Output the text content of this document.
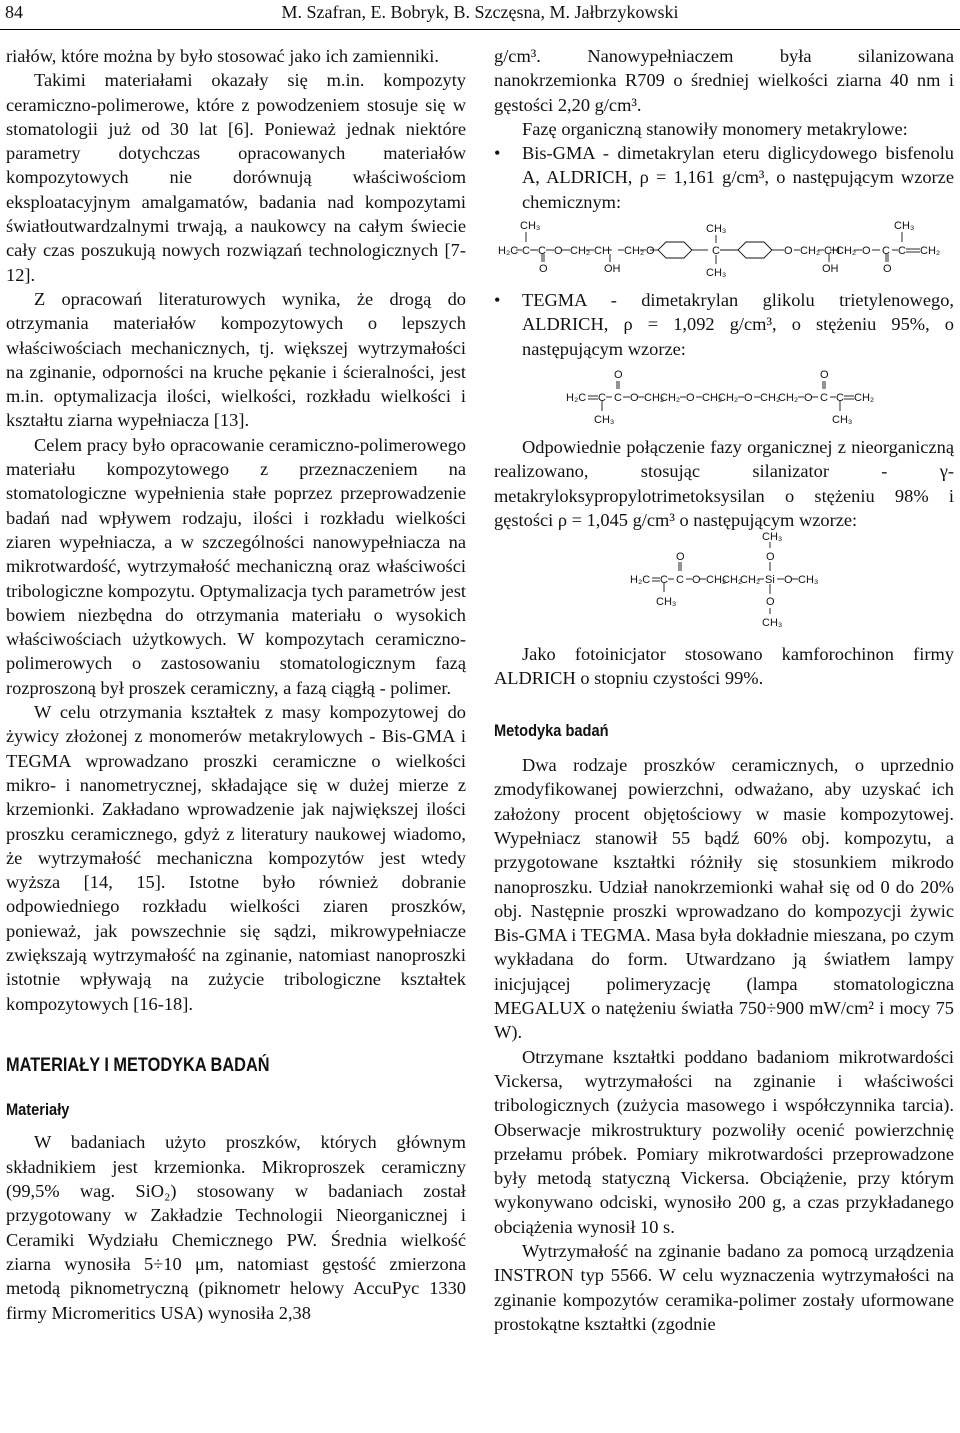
84	M. Szafran, E. Bobryk, B. Szczęsna, M. Jałbrzykowski

riałów, które można by było stosować jako ich zamienniki.

Takimi materiałami okazały się m.in. kompozyty ceramiczno-polimerowe, które z powodzeniem stosuje się w stomatologii już od 30 lat [6]. Ponieważ jednak niektóre parametry dotychczas opracowanych materiałów kompozytowych nie dorównują właściwościom eksploatacyjnym amalgamatów, badania nad kompozytami światłoutwardzalnymi trwają, a naukowcy na całym świecie cały czas poszukują nowych rozwiązań technologicznych [7-12].

Z opracowań literaturowych wynika, że drogą do otrzymania materiałów kompozytowych o lepszych właściwościach mechanicznych, tj. większej wytrzymałości na zginanie, odporności na kruche pękanie i ścieralności, jest m.in. optymalizacja ilości, wielkości, rozkładu wielkości i kształtu ziarna wypełniacza [13].

Celem pracy było opracowanie ceramiczno-polimerowego materiału kompozytowego z przeznaczeniem na stomatologiczne wypełnienia stałe poprzez przeprowadzenie badań nad wpływem rodzaju, ilości i rozkładu wielkości ziaren wypełniacza, a w szczególności nanowypełniacza na mikrotwardość, wytrzymałość mechaniczną oraz właściwości tribologiczne kompozytu. Optymalizacja tych parametrów jest bowiem niezbędna do otrzymania materiału o wysokich właściwościach użytkowych. W kompozytach ceramiczno-polimerowych o zastosowaniu stomatologicznym fazą rozproszoną był proszek ceramiczny, a fazą ciągłą - polimer.

W celu otrzymania kształtek z masy kompozytowej do żywicy złożonej z monomerów metakrylowych - Bis-GMA i TEGMA wprowadzano proszki ceramiczne o wielkości mikro- i nanometrycznej, składające się w dużej mierze z krzemionki. Zakładano wprowadzenie jak największej ilości proszku ceramicznego, gdyż z literatury naukowej wiadomo, że wytrzymałość mechaniczna kompozytów jest wtedy wyższa [14, 15]. Istotne było również dobranie odpowiedniego rozkładu wielkości ziaren proszków, ponieważ, jak powszechnie się sądzi, mikrowypełniacze zwiększają wytrzymałość na zginanie, natomiast nanoproszki istotnie wpływają na zużycie tribologiczne kształtek kompozytowych [16-18].

MATERIAŁY I METODYKA BADAŃ
Materiały

W badaniach użyto proszków, których głównym składnikiem jest krzemionka. Mikroproszek ceramiczny (99,5% wag. SiO₂) stosowany w badaniach został przygotowany w Zakładzie Technologii Nieorganicznej i Ceramiki Wydziału Chemicznego PW. Średnia wielkość ziarna wynosiła 5÷10 μm, natomiast gęstość zmierzona metodą piknometryczną (piknometr helowy AccuPyc 1330 firmy Micromeritics USA) wynosiła 2,38

g/cm³. Nanowypełniaczem była silanizowana nanokrzemionka R709 o średniej wielkości ziarna 40 nm i gęstości 2,20 g/cm³.

Fazę organiczną stanowiły monomery metakrylowe:

• Bis-GMA - dimetakrylan eteru diglicydowego bisfenolu A, ALDRICH, ρ = 1,161 g/cm³, o następującym wzorze chemicznym:
H₂C C
CH₃
C
O
O CH₂ CH
OH
CH₂ O	C
CH₃
CH₃
O CH₂ CH
OH
CH₂ O C
O
C
CH₃
CH₂
• TEGMA - dimetakrylan glikolu trietylenowego, ALDRICH, ρ = 1,092 g/cm³, o stężeniu 95%, o następującym wzorze:
H₂C C
CH₃
C
O
O CH₂
CH₂ O CH₂
CH₂ O CH₂
CH₂ O C
O
C
CH₃
CH₂

Odpowiednie połączenie fazy organicznej z nieorganiczną realizowano, stosując silanizator - γ-metakryloksypropylotrimetoksysilan o stężeniu 98% i gęstości ρ = 1,045 g/cm³ o następującym wzorze:

H₂C C
CH₃
C
O
O CH₂
CH₂
CH₂ Si
O
CH₃
O
CH₃
O CH₃

Jako fotoinicjator stosowano kamforochinon firmy ALDRICH o stopniu czystości 99%.

Metodyka badań

Dwa rodzaje proszków ceramicznych, o uprzednio zmodyfikowanej powierzchni, odważano, aby uzyskać ich założony procent objętościowy w masie kompozytowej. Wypełniacz stanowił 55 bądź 60% obj. kompozytu, a przygotowane kształtki różniły się stosunkiem mikrodo nanoproszku. Udział nanokrzemionki wahał się od 0 do 20% obj. Następnie proszki wprowadzano do kompozycji żywic Bis-GMA i TEGMA. Masa była dokładnie mieszana, po czym wykładana do form. Utwardzano ją światłem lampy inicjującej polimeryzację (lampa stomatologiczna MEGALUX o natężeniu światła 750÷900 mW/cm² i mocy 75 W).

Otrzymane kształtki poddano badaniom mikrotwardości Vickersa, wytrzymałości na zginanie i właściwości tribologicznych (zużycia masowego i współczynnika tarcia). Obserwacje mikrostruktury pozwoliły ocenić powierzchnię przełamu próbek. Pomiary mikrotwardości przeprowadzone były metodą statyczną Vickersa. Obciążenie, przy którym wykonywano odciski, wynosiło 200 g, a czas przykładanego obciążenia wynosił 10 s.

Wytrzymałość na zginanie badano za pomocą urządzenia INSTRON typ 5566. W celu wyznaczenia wytrzymałości na zginanie kompozytów ceramika-polimer zostały uformowane prostokątne kształtki (zgodnie
